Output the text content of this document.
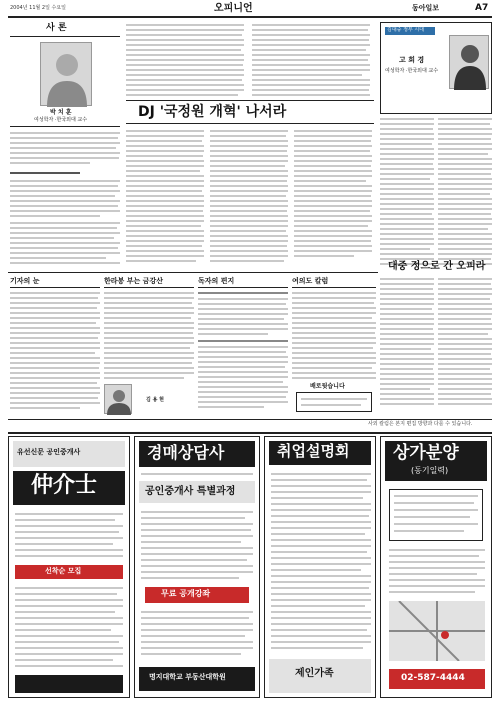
2004년 11월 2일 수요일	오피니언	동아일보	A7
사 론
박 치 훈
여성학자 ·한국외대 교수	DJ '국정원 개혁' 나서라
김대중 정부 시대
고 희 경
여성학자 ·한국외대 교수
대중 정으로 간 오피라
기자의 눈	한라봉 부는 금강산
김 용 현
독자의 편지	여의도 칼럼
배로뒷습니다
사외 칼럼은 본지 편집 방향과 다를 수 있습니다.
유선신문 공인중개사
仲介士
선착순 모집
경매상담사
공인중개사 특별과정
무료 공개강좌
명지대학교 부동산대학원
취업설명회
제인가족
상가분양
(동기일력)
02-587-4444
